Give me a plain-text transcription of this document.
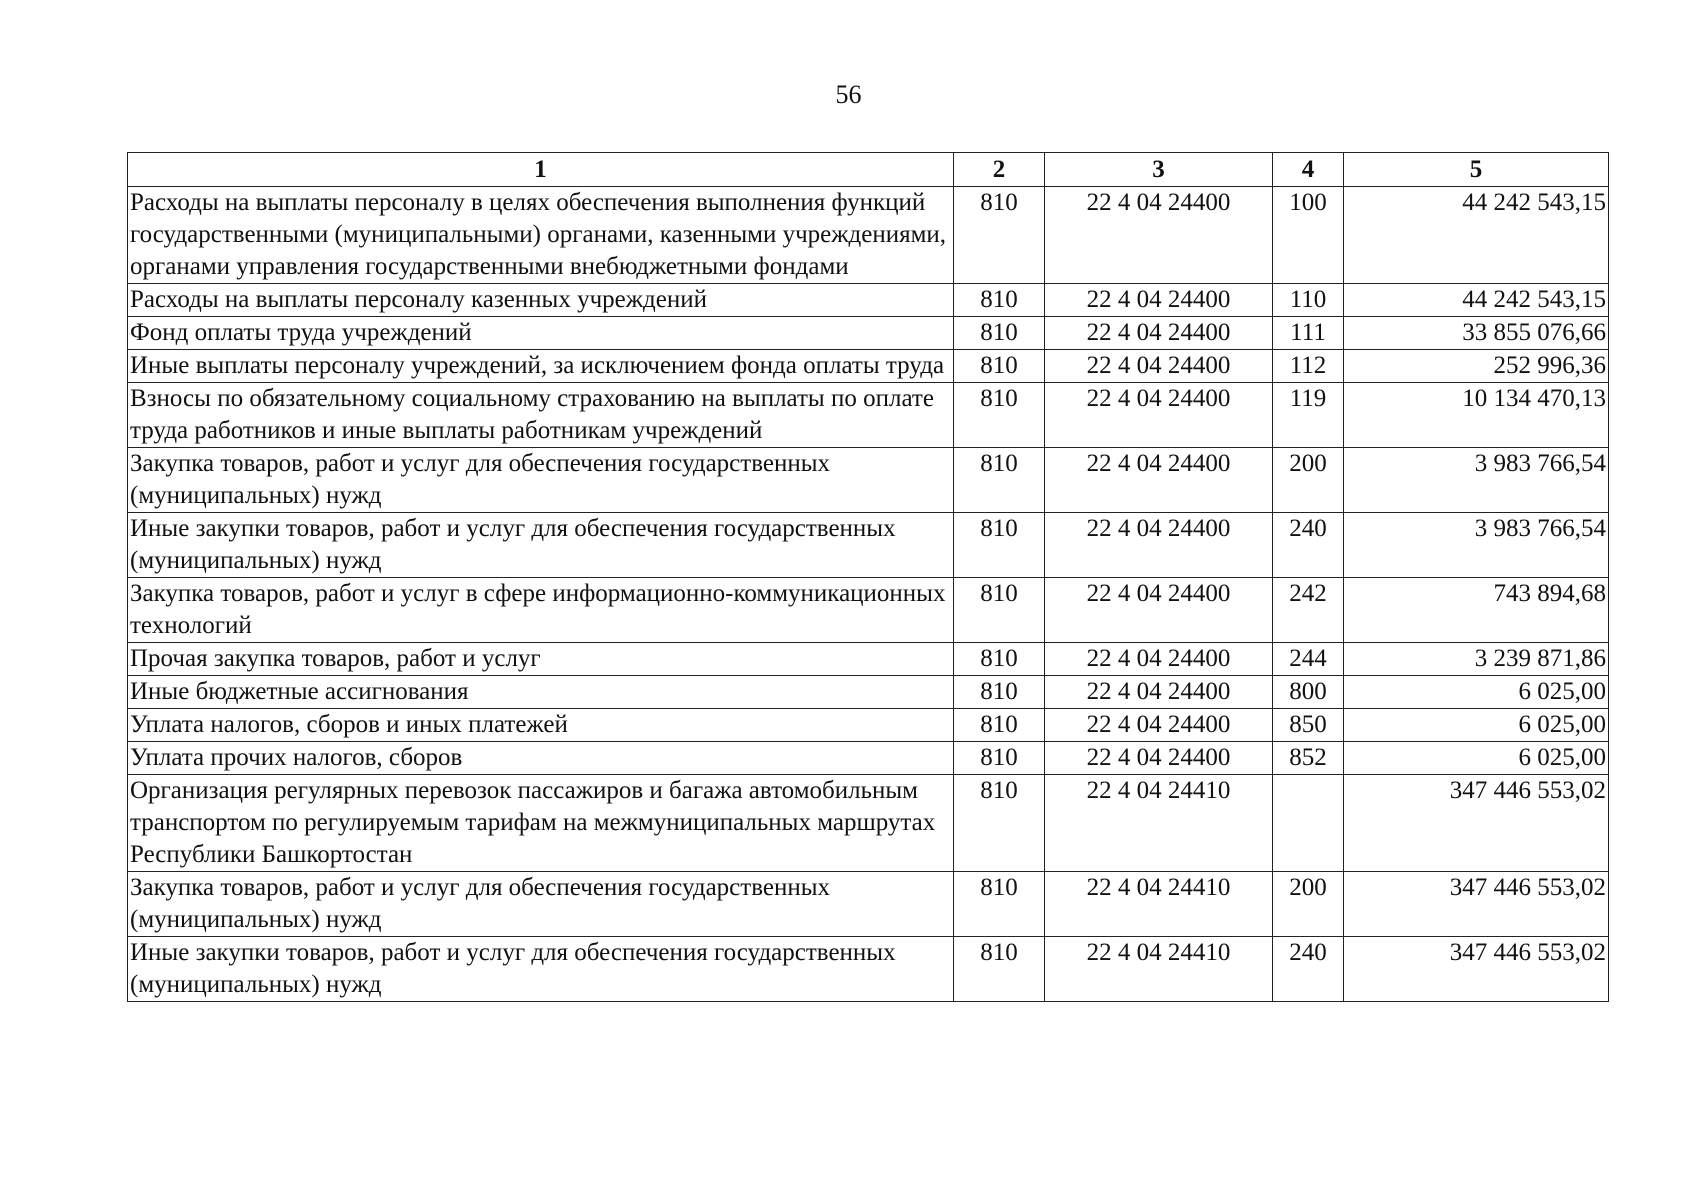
56
1	2	3	4	5
Расходы на выплаты персоналу в целях обеспечения выполнения функций государственными (муниципальными) органами, казенными учреждениями, органами управления государственными внебюджетными фондами	810	22 4 04 24400	100	44 242 543,15
Расходы на выплаты персоналу казенных учреждений	810	22 4 04 24400	110	44 242 543,15
Фонд оплаты труда учреждений	810	22 4 04 24400	111	33 855 076,66
Иные выплаты персоналу учреждений, за исключением фонда оплаты труда	810	22 4 04 24400	112	252 996,36
Взносы по обязательному социальному страхованию на выплаты по оплате труда работников и иные выплаты работникам учреждений	810	22 4 04 24400	119	10 134 470,13
Закупка товаров, работ и услуг для обеспечения государственных (муниципальных) нужд	810	22 4 04 24400	200	3 983 766,54
Иные закупки товаров, работ и услуг для обеспечения государственных (муниципальных) нужд	810	22 4 04 24400	240	3 983 766,54
Закупка товаров, работ и услуг в сфере информационно-коммуникационных технологий	810	22 4 04 24400	242	743 894,68
Прочая закупка товаров, работ и услуг	810	22 4 04 24400	244	3 239 871,86
Иные бюджетные ассигнования	810	22 4 04 24400	800	6 025,00
Уплата налогов, сборов и иных платежей	810	22 4 04 24400	850	6 025,00
Уплата прочих налогов, сборов	810	22 4 04 24400	852	6 025,00
Организация регулярных перевозок пассажиров и багажа автомобильным транспортом по регулируемым тарифам на межмуниципальных маршрутах Республики Башкортостан	810	22 4 04 24410		347 446 553,02
Закупка товаров, работ и услуг для обеспечения государственных (муниципальных) нужд	810	22 4 04 24410	200	347 446 553,02
Иные закупки товаров, работ и услуг для обеспечения государственных (муниципальных) нужд	810	22 4 04 24410	240	347 446 553,02
